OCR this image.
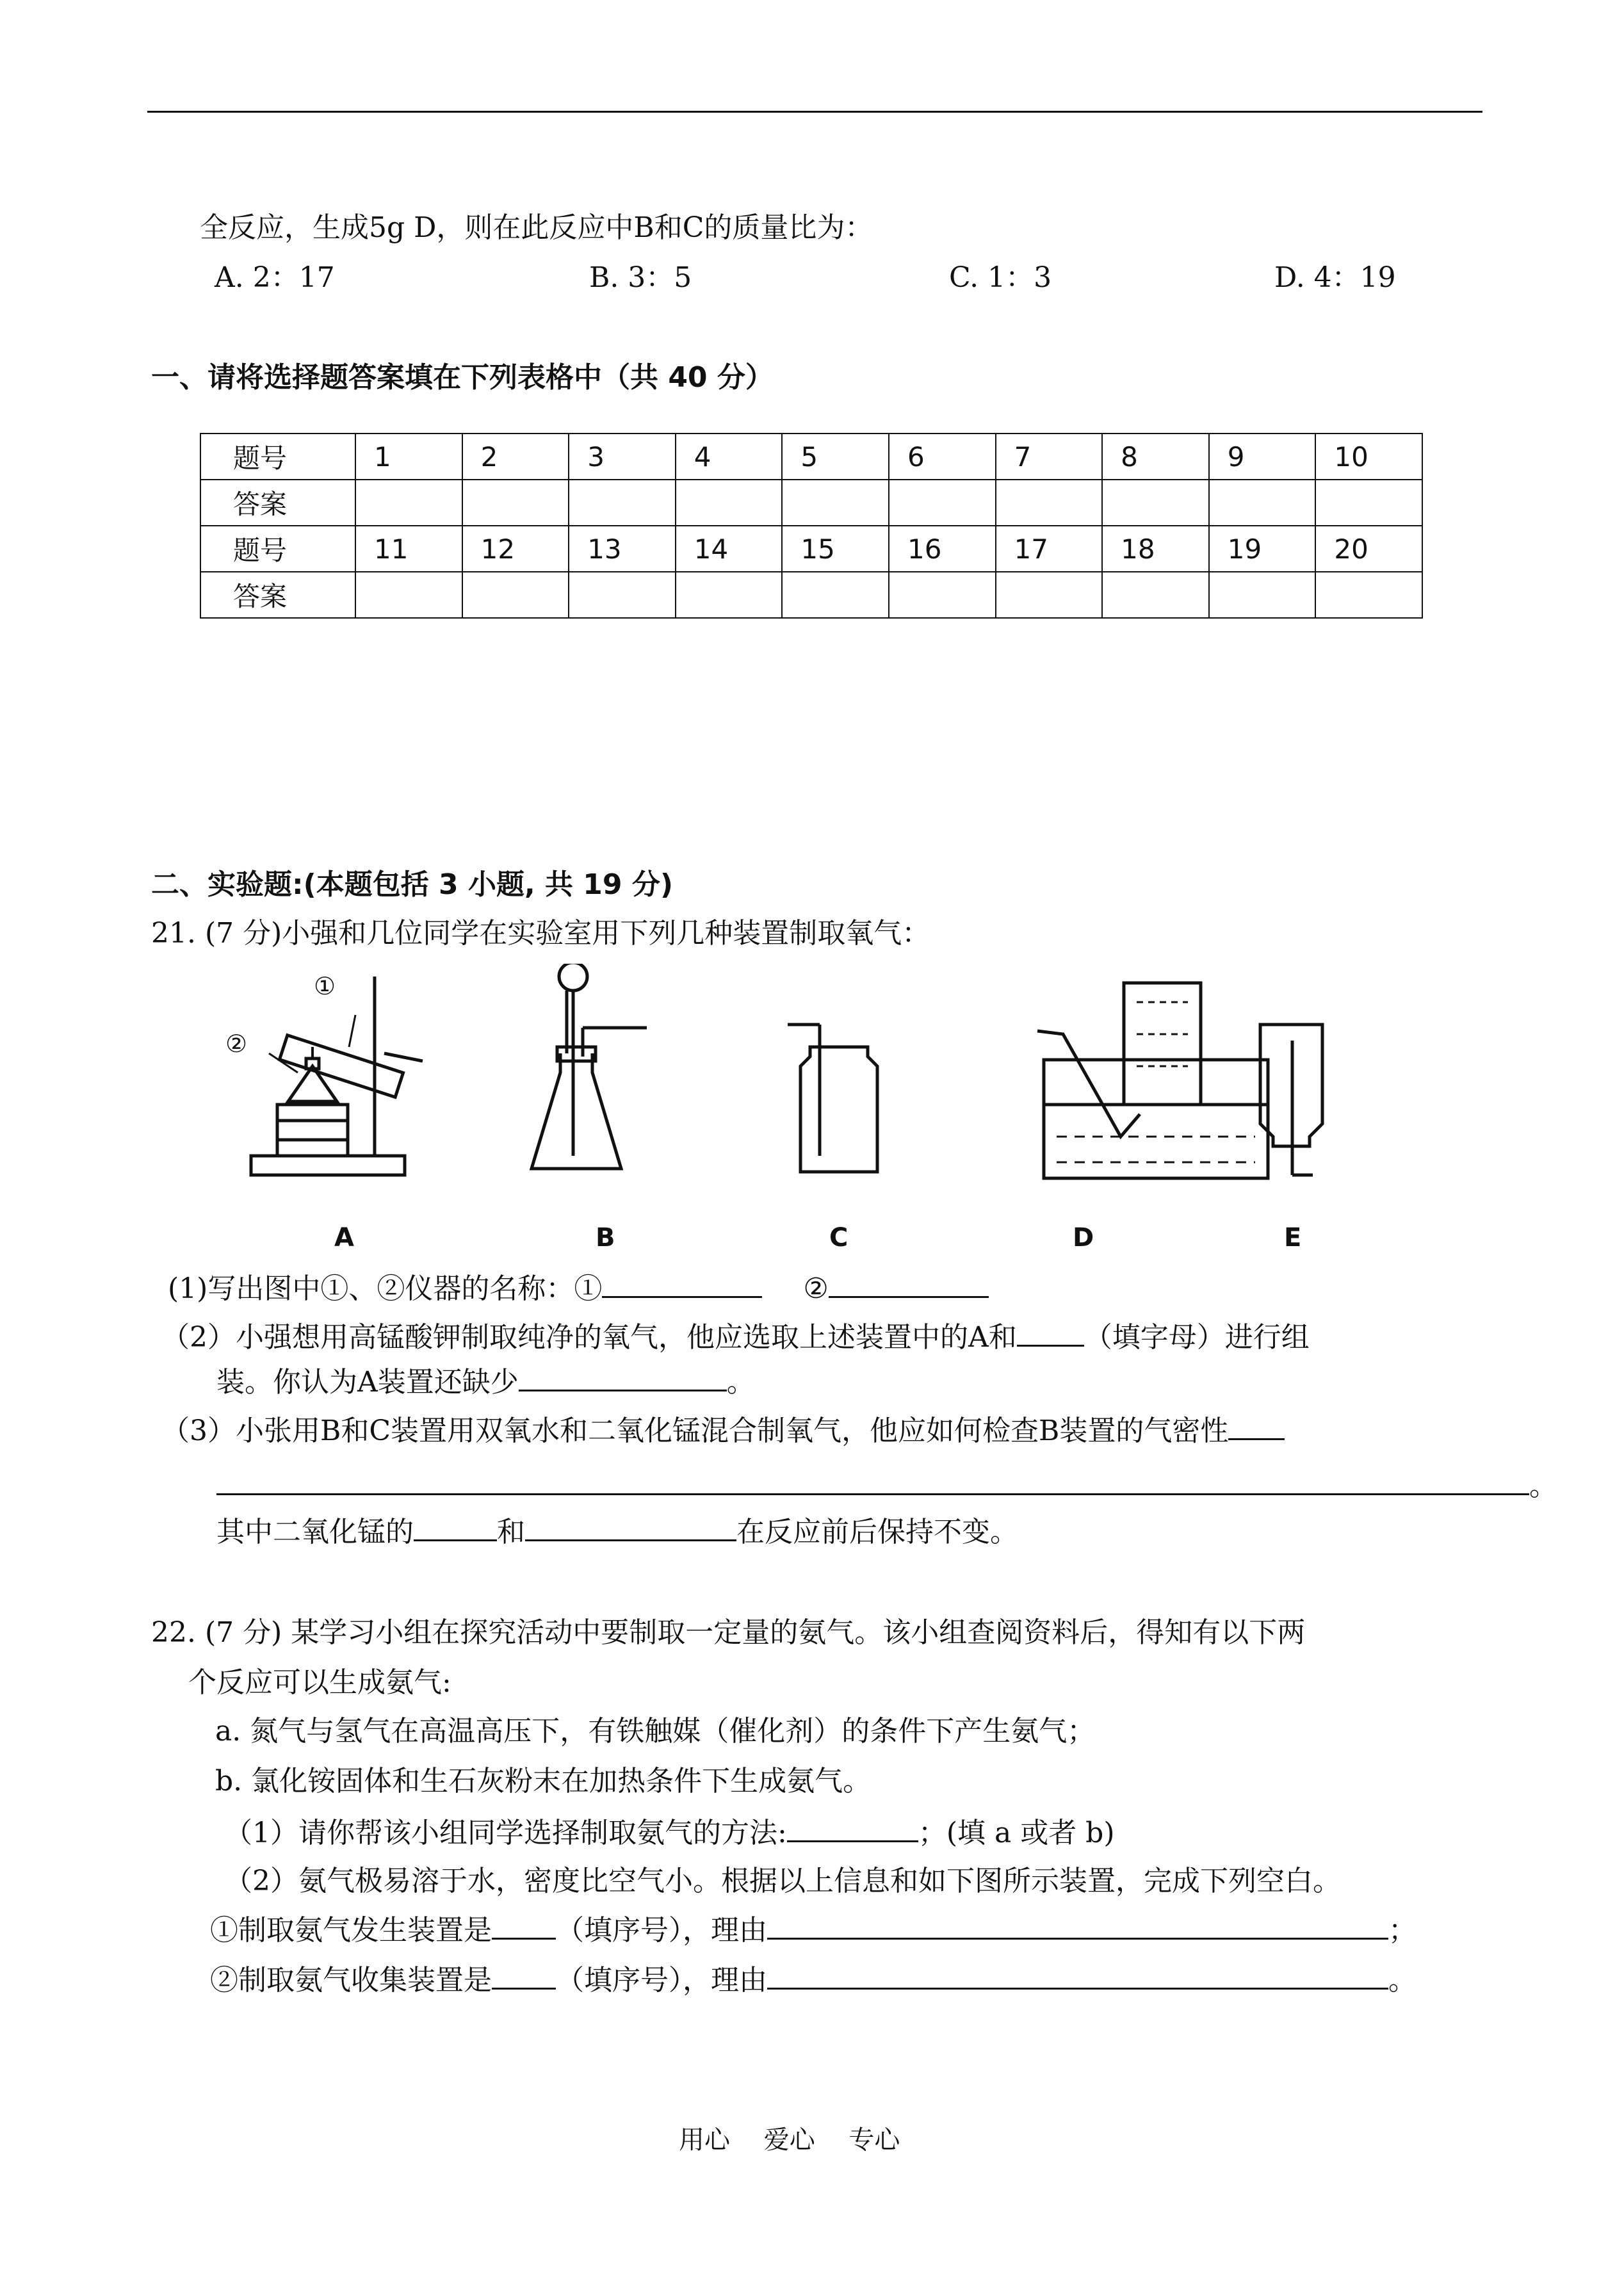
全反应，生成5g D，则在此反应中B和C的质量比为：
A. 2：17	B. 3：5	C. 1：3	D. 4：19
一、请将选择题答案填在下列表格中（共 40 分）
题号	1	2	3	4	5	6	7	8	9	10
答案										
题号	11	12	13	14	15	16	17	18	19	20
答案										
二、实验题:(本题包括 3 小题, 共 19 分)
21. (7 分)小强和几位同学在实验室用下列几种装置制取氧气：
①
②
A	B	C	D	E
(1)写出图中①、②仪器的名称：①	②
（2）小强想用高锰酸钾制取纯净的氧气，他应选取上述装置中的A和 （填字母）进行组
装。你认为A装置还缺少	。
（3）小张用B和C装置用双氧水和二氧化锰混合制氧气，他应如何检查B装置的气密性
。
其中二氧化锰的	和	在反应前后保持不变。
22. (7 分) 某学习小组在探究活动中要制取一定量的氨气。该小组查阅资料后，得知有以下两
个反应可以生成氨气:
a. 氮气与氢气在高温高压下，有铁触媒（催化剂）的条件下产生氨气；
b. 氯化铵固体和生石灰粉末在加热条件下生成氨气。
（1）请你帮该小组同学选择制取氨气的方法:	；(填 a 或者 b)
（2）氨气极易溶于水，密度比空气小。根据以上信息和如下图所示装置，完成下列空白。
①制取氨气发生装置是 （填序号），理由	；
②制取氨气收集装置是 （填序号），理由	。
用心 爱心 专心
